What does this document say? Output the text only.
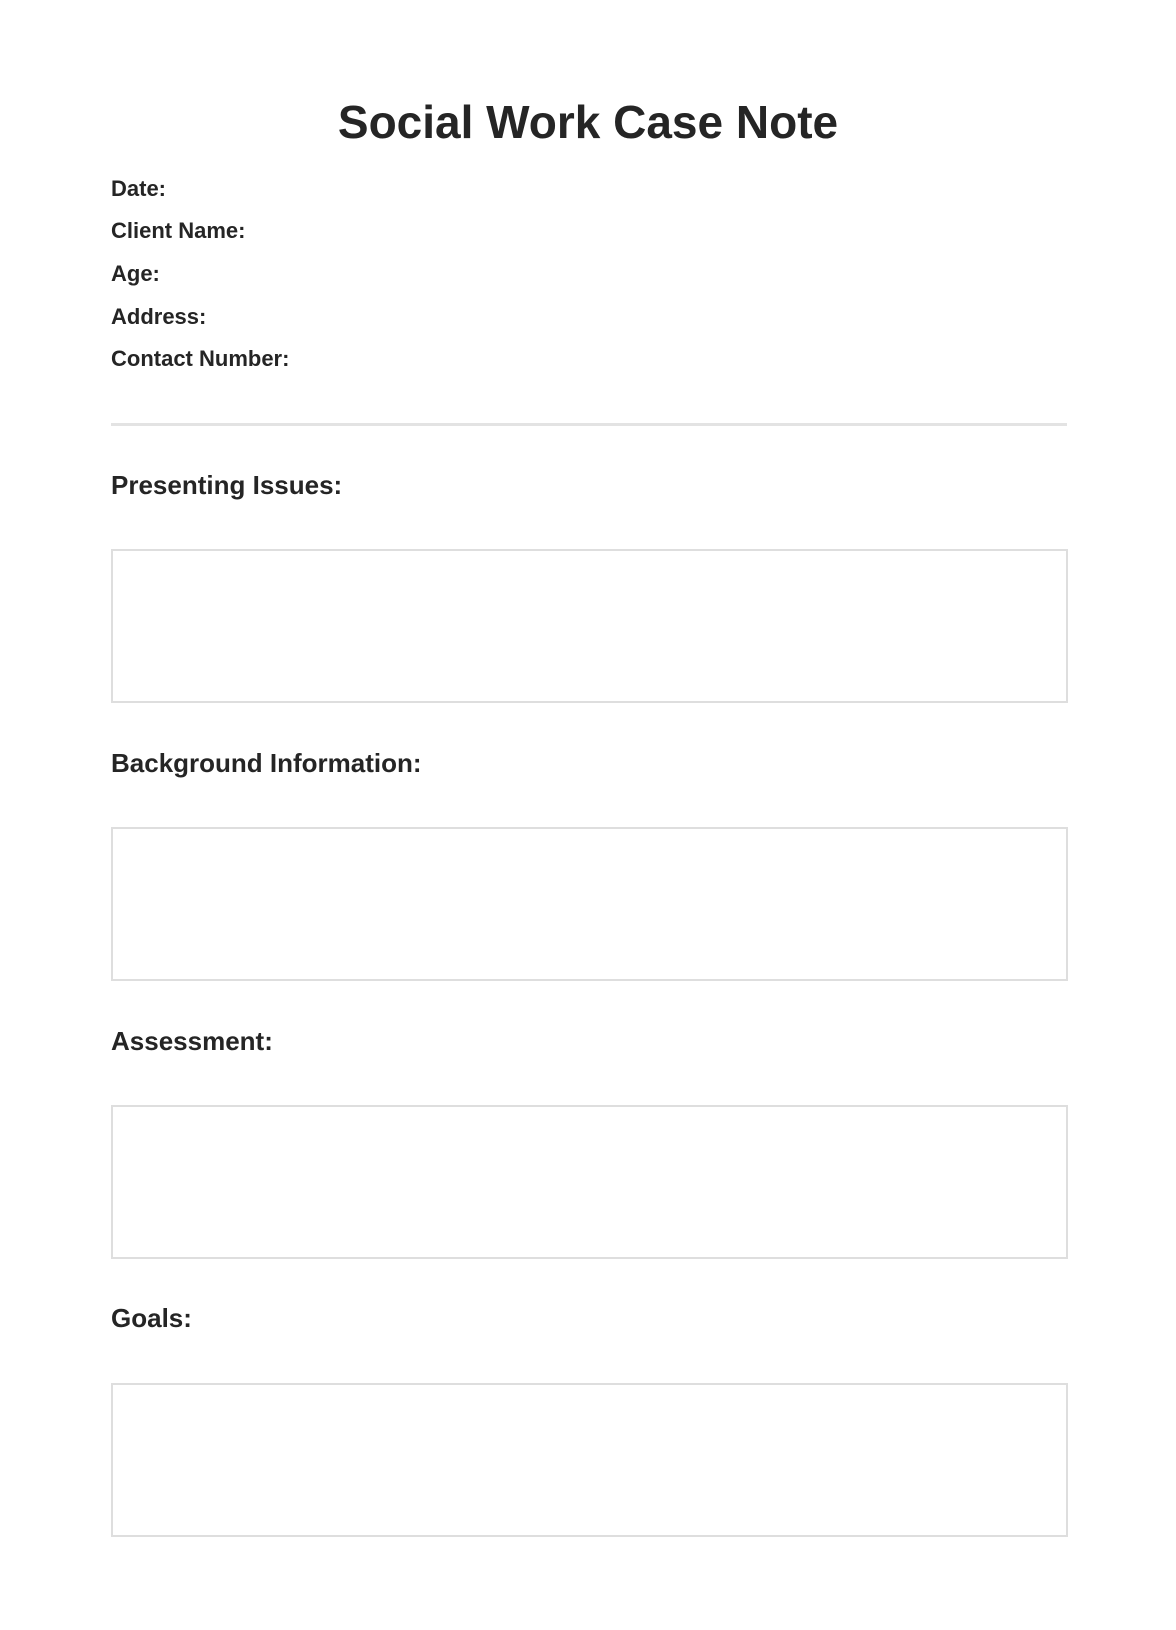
Social Work Case Note
Date:
Client Name:
Age:
Address:
Contact Number:
Presenting Issues:
Background Information:
Assessment:
Goals:
